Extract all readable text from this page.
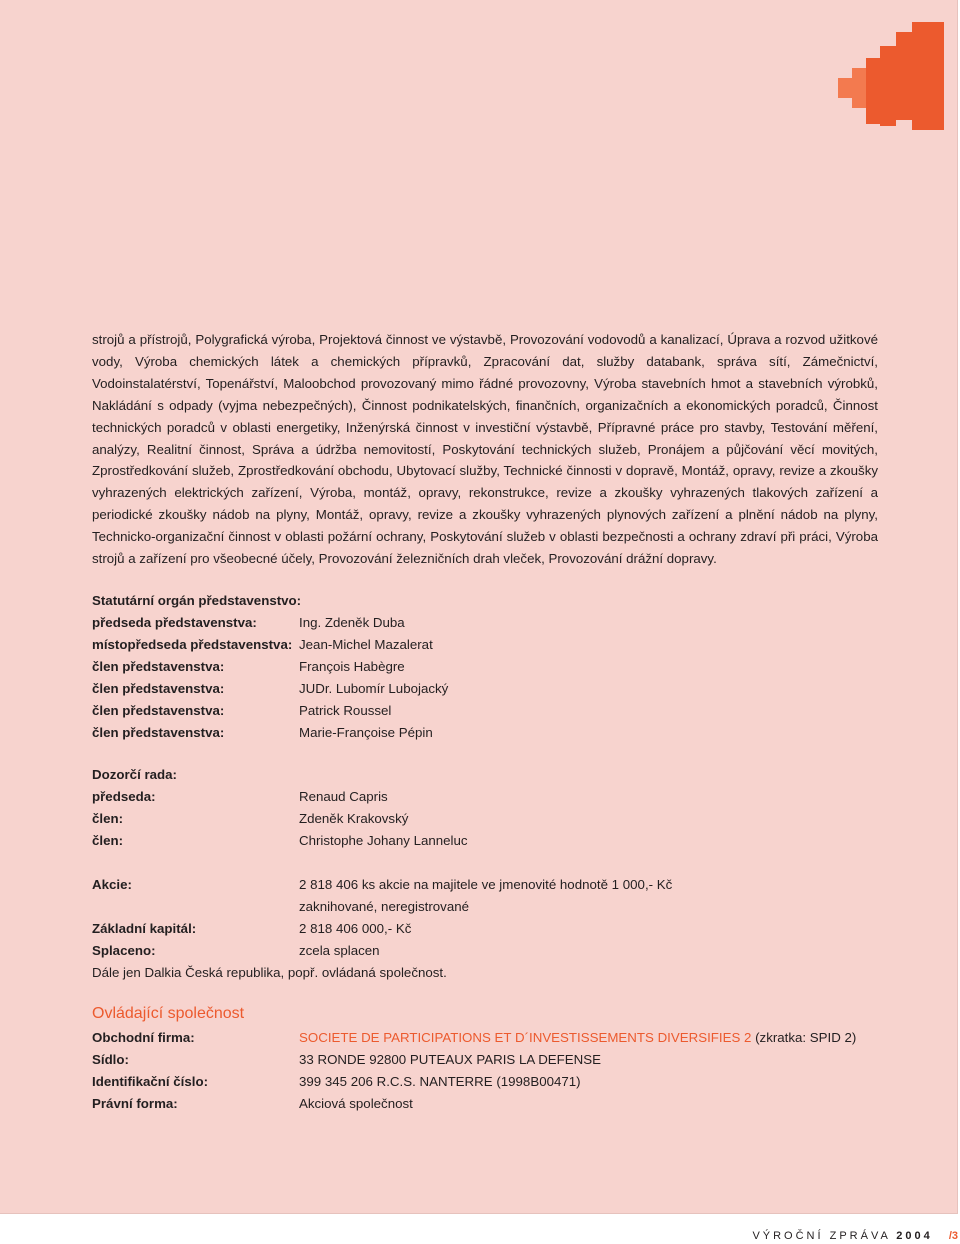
strojů a přístrojů, Polygrafická výroba, Projektová činnost ve výstavbě, Provozování vodovodů a kanalizací, Úprava a rozvod užitkové vody, Výroba chemických látek a chemických přípravků, Zpracování dat, služby databank, správa sítí, Zámečnictví, Vodoinstalatérství, Topenářství, Maloobchod provozovaný mimo řádné provozovny, Výroba stavebních hmot a stavebních výrobků, Nakládání s odpady (vyjma nebezpečných), Činnost podnikatelských, finančních, organizačních a ekonomických poradců, Činnost technických poradců v oblasti energetiky, Inženýrská činnost v investiční výstavbě, Přípravné práce pro stavby, Testování měření, analýzy, Realitní činnost, Správa a údržba nemovitostí, Poskytování technických služeb, Pronájem a půjčování věcí movitých, Zprostředkování služeb, Zprostředkování obchodu, Ubytovací služby, Technické činnosti v dopravě, Montáž, opravy, revize a zkoušky vyhrazených elektrických zařízení, Výroba, montáž, opravy, rekonstrukce, revize a zkoušky vyhrazených tlakových zařízení a periodické zkoušky nádob na plyny, Montáž, opravy, revize a zkoušky vyhrazených plynových zařízení a plnění nádob na plyny, Technicko-organizační činnost v oblasti požární ochrany, Poskytování služeb v oblasti bezpečnosti a ochrany zdraví při práci, Výroba strojů a zařízení pro všeobecné účely, Provozování železničních drah vleček, Provozování drážní dopravy.
Statutární orgán představenstvo:
předseda představenstva:	Ing. Zdeněk Duba
místopředseda představenstva: Jean-Michel Mazalerat
člen představenstva:	François Habègre
člen představenstva:	JUDr. Lubomír Lubojacký
člen představenstva:	Patrick Roussel
člen představenstva:	Marie-Françoise Pépin
Dozorčí rada:
předseda:	Renaud Capris
člen:	Zdeněk Krakovský
člen:	Christophe Johany Lanneluc
Akcie:	2 818 406 ks akcie na majitele ve jmenovité hodnotě 1 000,- Kč
zaknihované, neregistrované
Základní kapitál:	2 818 406 000,- Kč
Splaceno:	zcela splacen
Dále jen Dalkia Česká republika, popř. ovládaná společnost.
Ovládající společnost
Obchodní firma:	SOCIETE DE PARTICIPATIONS ET D´INVESTISSEMENTS DIVERSIFIES 2 (zkratka: SPID 2)
Sídlo:	33 RONDE 92800 PUTEAUX PARIS LA DEFENSE
Identifikační číslo:	399 345 206 R.C.S. NANTERRE (1998B00471)
Právní forma:	Akciová společnost
VÝROČNÍ ZPRÁVA 2004 /3
